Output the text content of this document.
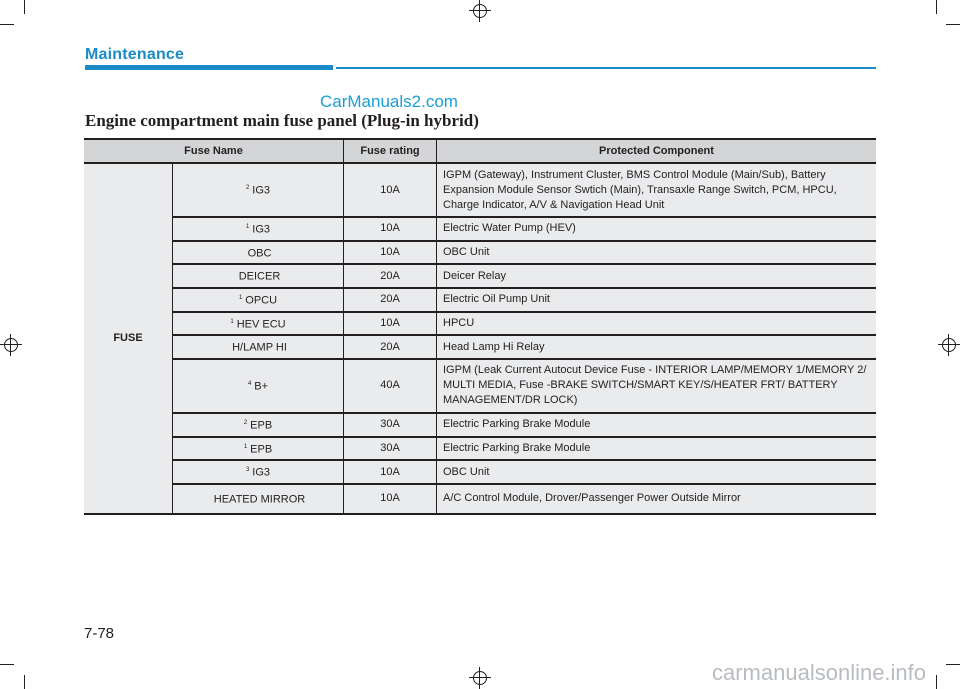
Maintenance
CarManuals2.com
Engine compartment main fuse panel (Plug-in hybrid)
Fuse Name		Fuse rating	Protected Component
FUSE	$^2$ IG3	10A	IGPM (Gateway), Instrument Cluster, BMS Control Module (Main/Sub), Battery Expansion Module Sensor Swtich (Main), Transaxle Range Switch, PCM, HPCU, Charge Indicator, A/V & Navigation Head Unit
	$^1$ IG3	10A	Electric Water Pump (HEV)
	OBC	10A	OBC Unit
	DEICER	20A	Deicer Relay
	$^1$ OPCU	20A	Electric Oil Pump Unit
	$^1$ HEV ECU	10A	HPCU
	H/LAMP HI	20A	Head Lamp Hi Relay
	$^4$ B+	40A	IGPM (Leak Current Autocut Device Fuse - INTERIOR LAMP/MEMORY 1/MEMORY 2/ MULTI MEDIA, Fuse -BRAKE SWITCH/SMART KEY/S/HEATER FRT/ BATTERY MANAGEMENT/DR LOCK)
	$^2$ EPB	30A	Electric Parking Brake Module
	$^1$ EPB	30A	Electric Parking Brake Module
	$^3$ IG3	10A	OBC Unit
	HEATED MIRROR	10A	A/C Control Module, Drover/Passenger Power Outside Mirror
7-78
carmanualsonline.info
